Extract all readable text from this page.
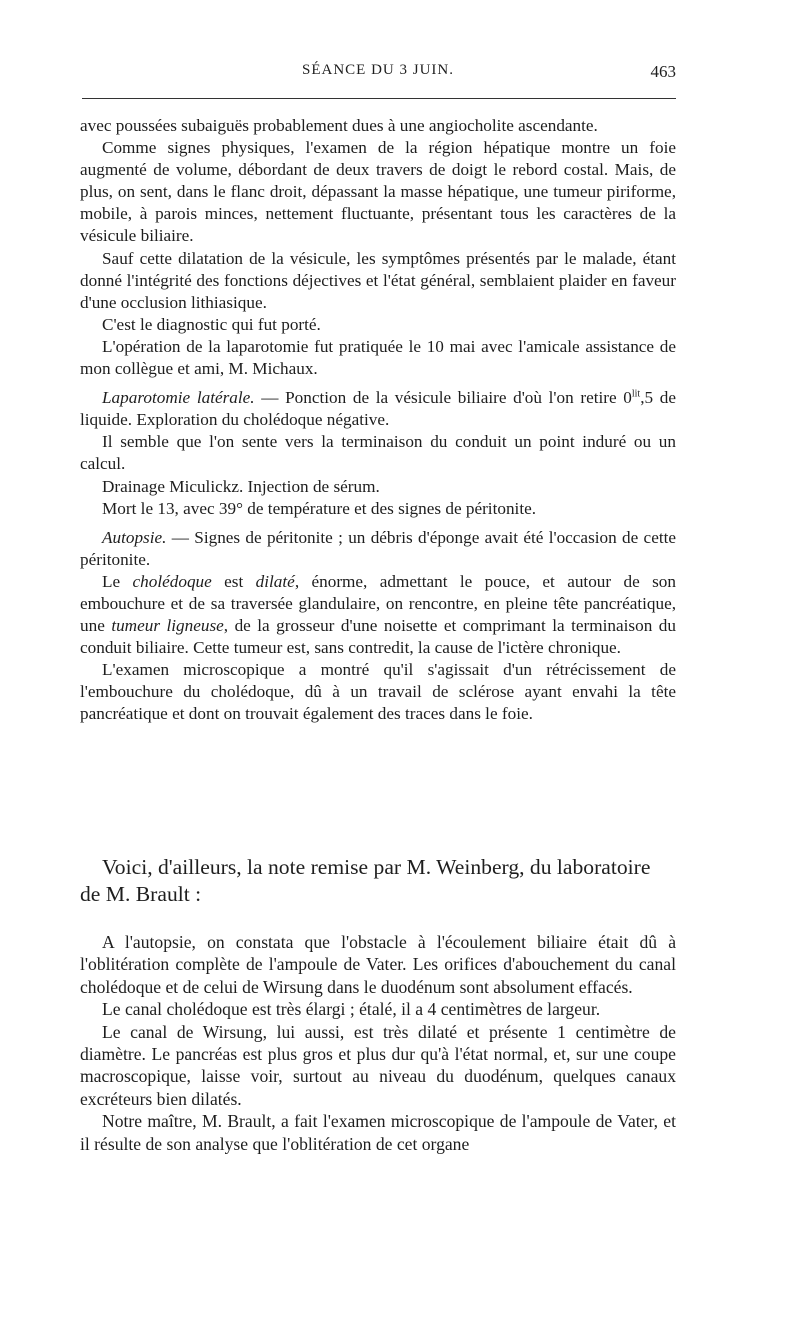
SÉANCE DU 3 JUIN.	463

avec poussées subaiguës probablement dues à une angiocholite ascendante.

Comme signes physiques, l'examen de la région hépatique montre un foie augmenté de volume, débordant de deux travers de doigt le rebord costal. Mais, de plus, on sent, dans le flanc droit, dépassant la masse hépatique, une tumeur piriforme, mobile, à parois minces, nettement fluctuante, présentant tous les caractères de la vésicule biliaire.

Sauf cette dilatation de la vésicule, les symptômes présentés par le malade, étant donné l'intégrité des fonctions déjectives et l'état général, semblaient plaider en faveur d'une occlusion lithiasique.

C'est le diagnostic qui fut porté.

L'opération de la laparotomie fut pratiquée le 10 mai avec l'amicale assistance de mon collègue et ami, M. Michaux.

Laparotomie latérale. — Ponction de la vésicule biliaire d'où l'on retire $0^{lit},5$ de liquide. Exploration du cholédoque négative.

Il semble que l'on sente vers la terminaison du conduit un point induré ou un calcul.

Drainage Miculickz. Injection de sérum.

Mort le 13, avec 39° de température et des signes de péritonite.

Autopsie. — Signes de péritonite ; un débris d'éponge avait été l'occasion de cette péritonite.

Le cholédoque est dilaté, énorme, admettant le pouce, et autour de son embouchure et de sa traversée glandulaire, on rencontre, en pleine tête pancréatique, une tumeur ligneuse, de la grosseur d'une noisette et comprimant la terminaison du conduit biliaire. Cette tumeur est, sans contredit, la cause de l'ictère chronique.

L'examen microscopique a montré qu'il s'agissait d'un rétrécissement de l'embouchure du cholédoque, dû à un travail de sclérose ayant envahi la tête pancréatique et dont on trouvait également des traces dans le foie.

Voici, d'ailleurs, la note remise par M. Weinberg, du laboratoire
de M. Brault :

A l'autopsie, on constata que l'obstacle à l'écoulement biliaire était dû à l'oblitération complète de l'ampoule de Vater. Les orifices d'abouchement du canal cholédoque et de celui de Wirsung dans le duodénum sont absolument effacés.

Le canal cholédoque est très élargi ; étalé, il a 4 centimètres de largeur.

Le canal de Wirsung, lui aussi, est très dilaté et présente 1 centimètre de diamètre. Le pancréas est plus gros et plus dur qu'à l'état normal, et, sur une coupe macroscopique, laisse voir, surtout au niveau du duodénum, quelques canaux excréteurs bien dilatés.

Notre maître, M. Brault, a fait l'examen microscopique de l'ampoule de Vater, et il résulte de son analyse que l'oblitération de cet organe
